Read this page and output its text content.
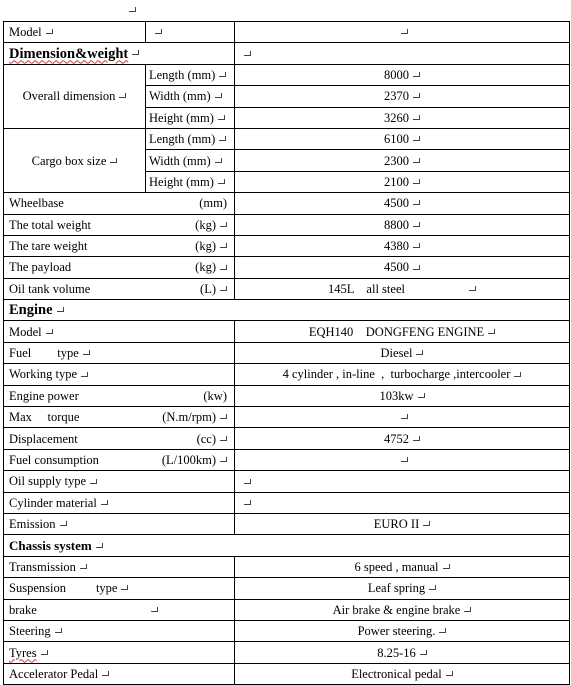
Model		
Dimension&weight		
Overall dimension	Length (mm)	8000
	Width (mm)	2370
	Height (mm)	3260
Cargo box size	Length (mm)	6100
	Width (mm)	2300
	Height (mm)	2100

Wheelbase (mm)		4500

The total weight (kg)		8800

The tare weight (kg)		4380

The payload (kg)		4500

Oil tank volume (L)		145L    all steel
Engine		
Model		EQH140    DONGFENG ENGINE
Fuel type		Diesel
Working type		4 cylinder , in-line  ,  turbocharge ,intercooler

Engine power (kw)		103kw

Max     torque (N.m/rpm)		

Displacement (cc)		4752

Fuel consumption (L/100km)		

Oil supply type		
Cylinder material		
Emission		EURO II
Chassis system		
Transmission		6 speed , manual
Suspension type		Leaf spring
brake		Air brake & engine brake
Steering		Power steering.
Tyres		8.25-16
Accelerator Pedal		Electronical pedal
